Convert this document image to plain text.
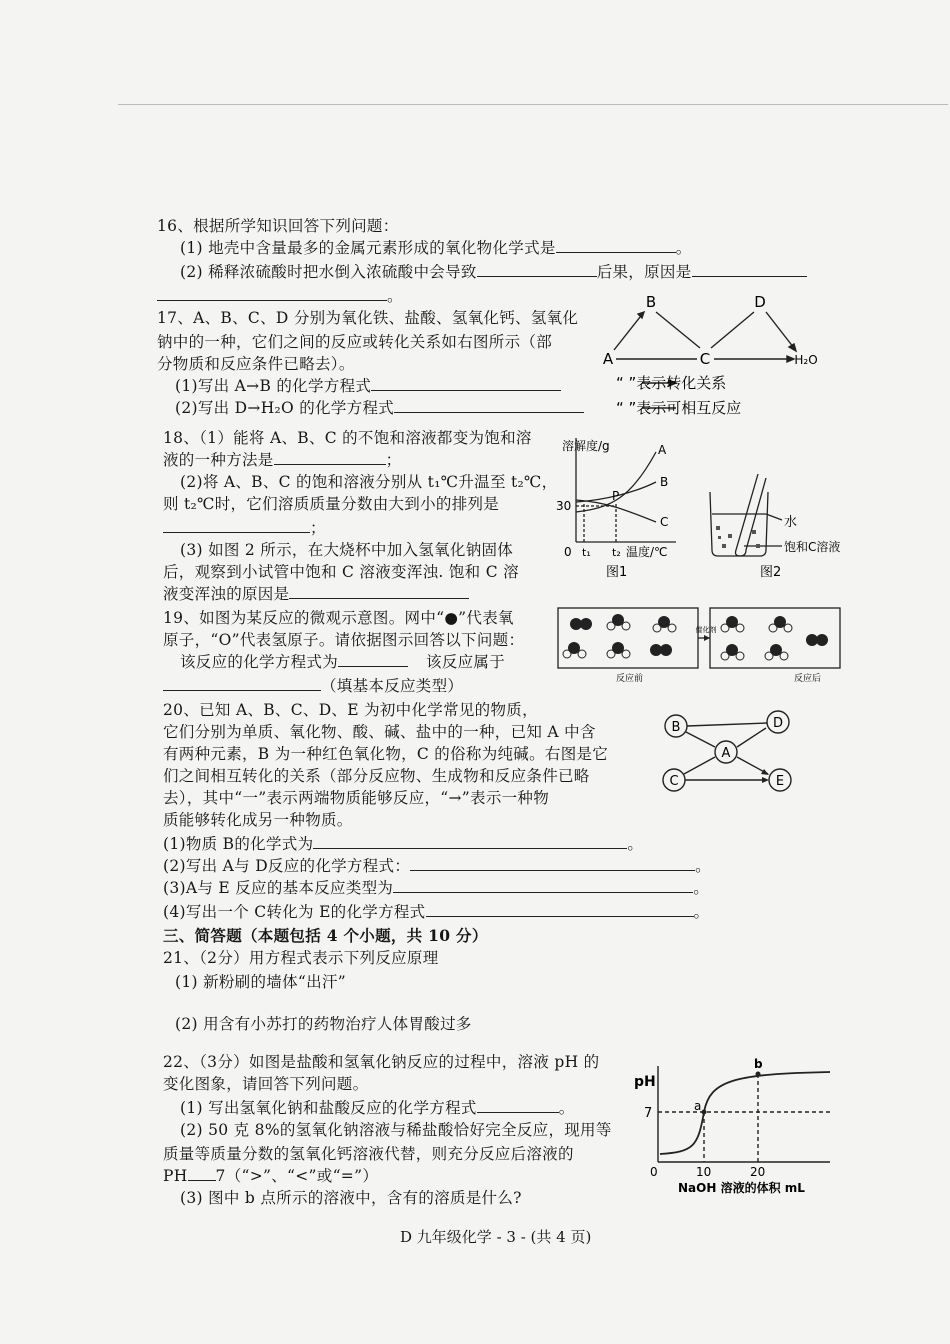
16、根据所学知识回答下列问题：
(1) 地壳中含量最多的金属元素形成的氧化物化学式是	。
(2) 稀释浓硫酸时把水倒入浓硫酸中会导致	后果，原因是
。
17、A、B、C、D 分别为氧化铁、盐酸、氢氧化钙、氢氧化
钠中的一种，它们之间的反应或转化关系如右图所示（部
分物质和反应条件已略去）。
(1)写出 A→B 的化学方程式
(2)写出 D→H₂O 的化学方程式
B	D
A	C	H₂O
“ ”表示转化关系
“ ”表示可相互反应
18、（1）能将 A、B、C 的不饱和溶液都变为饱和溶
液的一种方法是	；
(2)将 A、B、C 的饱和溶液分别从 t₁℃升温至 t₂℃，
则 t₂℃时，它们溶质质量分数由大到小的排列是
；
(3) 如图 2 所示，在大烧杯中加入氢氧化钠固体
后，观察到小试管中饱和 C 溶液变浑浊. 饱和 C 溶
液变浑浊的原因是
溶解度/g
30
A
B
C
P
0 t₁ t₂ 温度/℃
图1
水
饱和C溶液
图2
19、如图为某反应的微观示意图。网中“●”代表氧
原子，“O”代表氢原子。请依据图示回答以下问题：
该反应的化学方程式为	该反应属于
（填基本反应类型）
催化剂
反应前	反应后
20、已知 A、B、C、D、E 为初中化学常见的物质，
它们分别为单质、氧化物、酸、碱、盐中的一种，已知 A 中含
有两种元素，B 为一种红色氧化物，C 的俗称为纯碱。右图是它
们之间相互转化的关系（部分反应物、生成物和反应条件已略
去），其中“一”表示两端物质能够反应，“→”表示一种物
质能够转化成另一种物质。
(1)物质 B的化学式为	。
(2)写出 A与 D反应的化学方程式：	。
(3)A与 E 反应的基本反应类型为	。
(4)写出一个 C转化为 E的化学方程式	。
B	D
A
C	E
三、简答题（本题包括 4 个小题，共 10 分）
21、（2分）用方程式表示下列反应原理
(1) 新粉刷的墙体“出汗”
(2) 用含有小苏打的药物治疗人体胃酸过多
22、（3分）如图是盐酸和氢氧化钠反应的过程中，溶液 pH 的
变化图象，请回答下列问题。
(1) 写出氢氧化钠和盐酸反应的化学方程式	。
(2) 50 克 8%的氢氧化钠溶液与稀盐酸恰好完全反应，现用等
质量等质量分数的氢氧化钙溶液代替，则充分反应后溶液的
PH 7（“>”、“<”或“=”）
(3) 图中 b 点所示的溶液中，含有的溶质是什么?
pH
7	a
b
0	10	20
NaOH 溶液的体积 mL
D 九年级化学 - 3 - (共 4 页)
